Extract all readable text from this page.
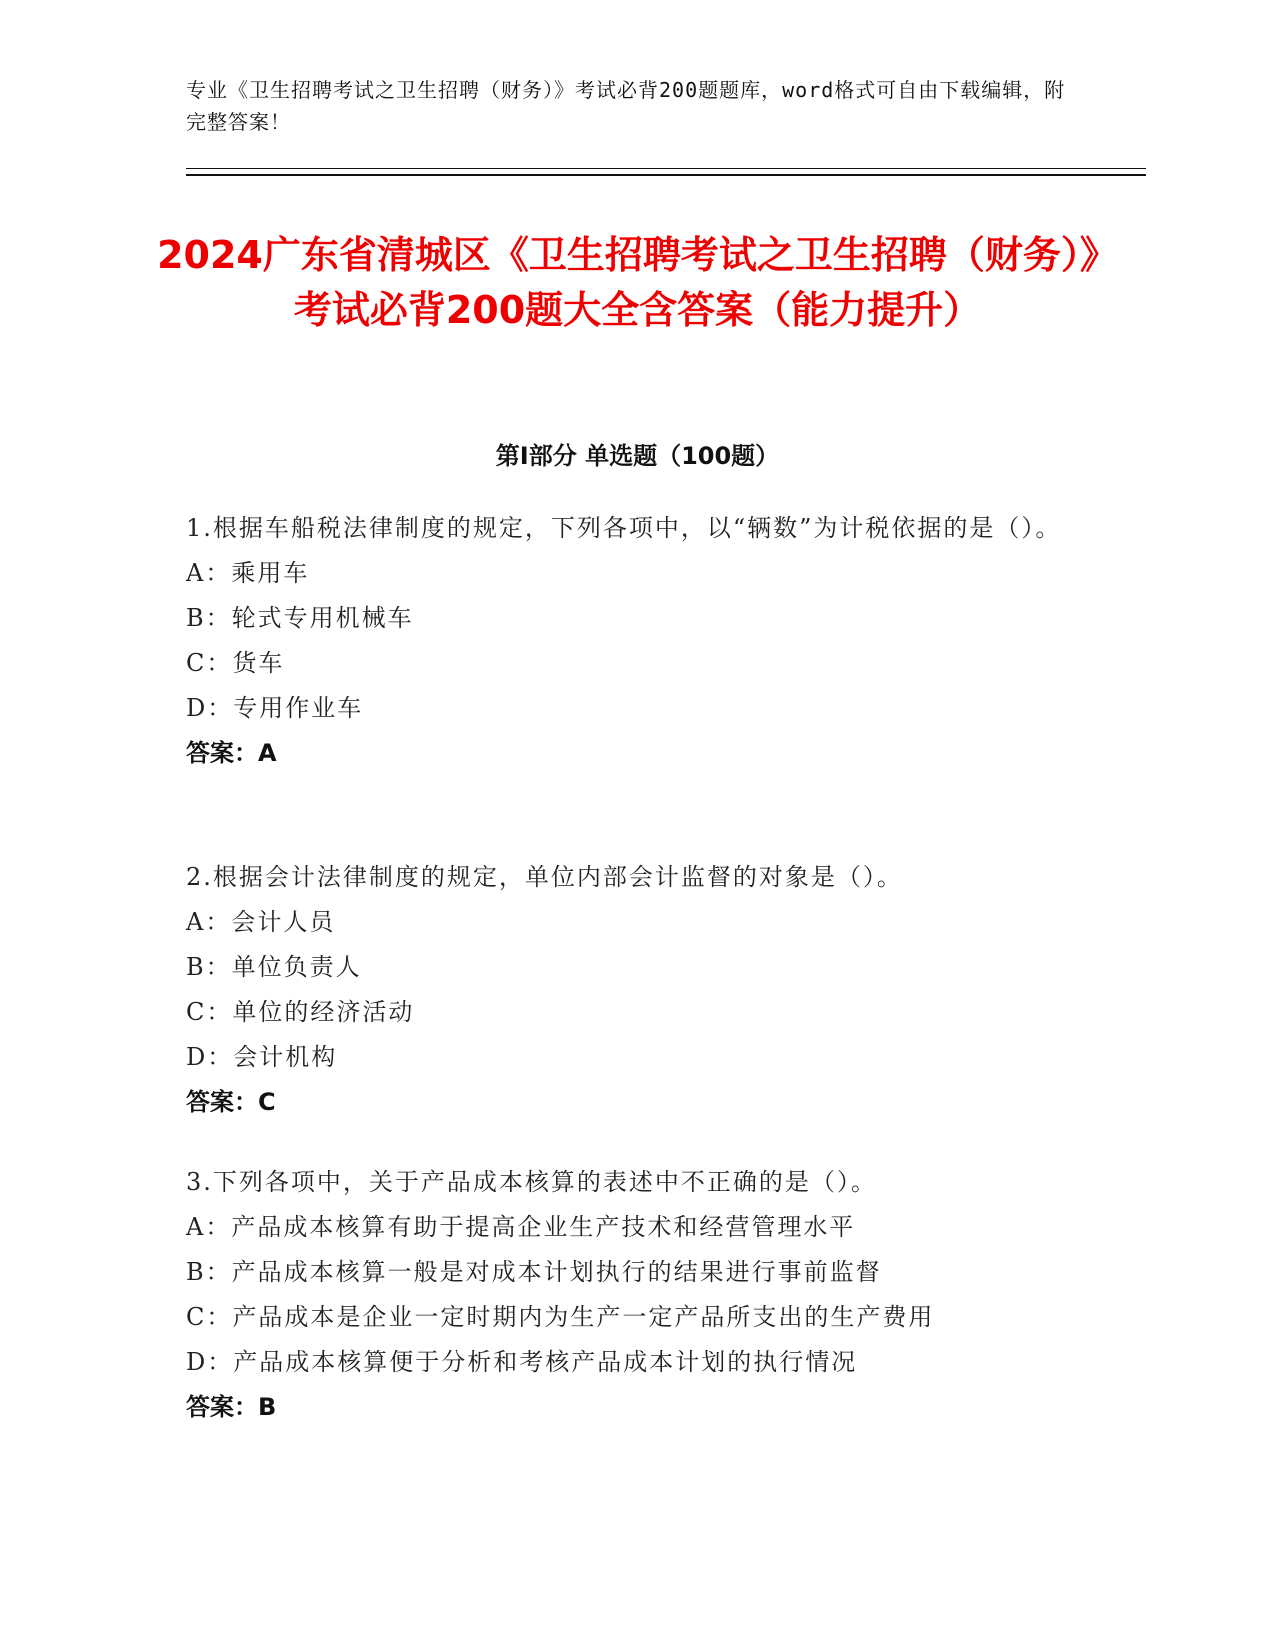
专业《卫生招聘考试之卫生招聘（财务）》考试必背200题题库，word格式可自由下载编辑，附完整答案！
2024广东省清城区《卫生招聘考试之卫生招聘（财务）》考试必背200题大全含答案（能力提升）
第I部分 单选题（100题）
1.根据车船税法律制度的规定，下列各项中，以“辆数”为计税依据的是（）。
A：乘用车
B：轮式专用机械车
C：货车
D：专用作业车
答案：A
2.根据会计法律制度的规定，单位内部会计监督的对象是（）。
A：会计人员
B：单位负责人
C：单位的经济活动
D：会计机构
答案：C
3.下列各项中，关于产品成本核算的表述中不正确的是（）。
A：产品成本核算有助于提高企业生产技术和经营管理水平
B：产品成本核算一般是对成本计划执行的结果进行事前监督
C：产品成本是企业一定时期内为生产一定产品所支出的生产费用
D：产品成本核算便于分析和考核产品成本计划的执行情况
答案：B
